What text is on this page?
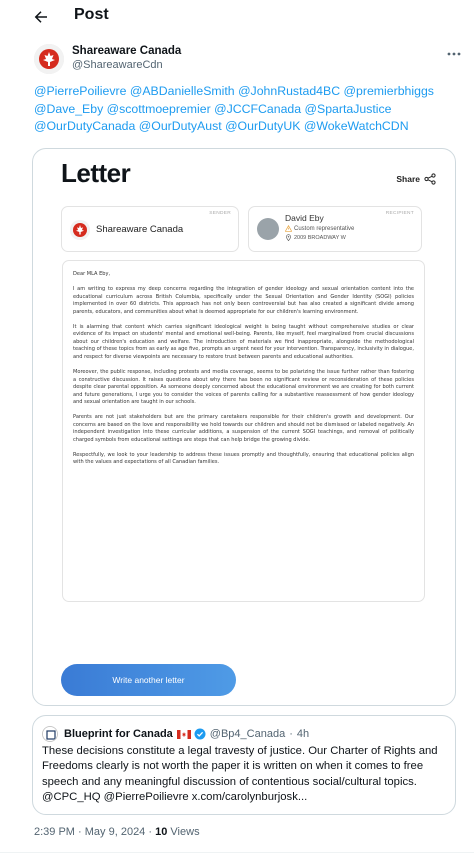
Post
Shareaware Canada
@ShareawareCdn
@PierrePoilievre @ABDanielleSmith @JohnRustad4BC @premierbhiggs @Dave_Eby @scottmoepremier @JCCFCanada @SpartaJustice @OurDutyCanada @OurDutyAust @OurDutyUK @WokeWatchCDN
Letter	Share
SENDER
Shareaware Canada
RECIPIENT
David Eby
Custom representative
2009 BROADWAY W

Dear MLA Eby,

I am writing to express my deep concerns regarding the integration of gender ideology and sexual orientation content into the educational curriculum across British Columbia, specifically under the Sexual Orientation and Gender Identity (SOGI) policies implemented in over 60 districts. This approach has not only been controversial but has also created a significant divide among parents, educators, and communities about what is deemed appropriate for our children's learning environment.

It is alarming that content which carries significant ideological weight is being taught without comprehensive studies or clear evidence of its impact on students' mental and emotional well-being. Parents, like myself, feel marginalized from crucial discussions about our children's education and welfare. The introduction of materials we find inappropriate, alongside the methodological teaching of these topics from as early as age five, prompts an urgent need for your intervention. Transparency, inclusivity in dialogue, and respect for diverse viewpoints are necessary to restore trust between parents and educational authorities.

Moreover, the public response, including protests and media coverage, seems to be polarizing the issue further rather than fostering a constructive discussion. It raises questions about why there has been no significant review or reconsideration of these policies despite clear parental opposition. As someone deeply concerned about the educational environment we are creating for both current and future generations, I urge you to consider the voices of parents calling for a substantive reassessment of how gender ideology and sexual orientation are taught in our schools.

Parents are not just stakeholders but are the primary caretakers responsible for their children's growth and development. Our concerns are based on the love and responsibility we hold towards our children and should not be dismissed or labeled negatively. An independent investigation into these curricular additions, a suspension of the current SOGI teachings, and removal of politically charged symbols from educational settings are steps that can help bridge the growing divide.

Respectfully, we look to your leadership to address these issues promptly and thoughtfully, ensuring that educational policies align with the values and expectations of all Canadian families.

Write another letter
Blueprint for Canada	@Bp4_Canada · 4h
These decisions constitute a legal travesty of justice. Our Charter of Rights and Freedoms clearly is not worth the paper it is written on when it comes to free speech and any meaningful discussion of contentious social/cultural topics. @CPC_HQ @PierrePoilievre x.com/carolynburjosk...
2:39 PM · May 9, 2024 · 10 Views
